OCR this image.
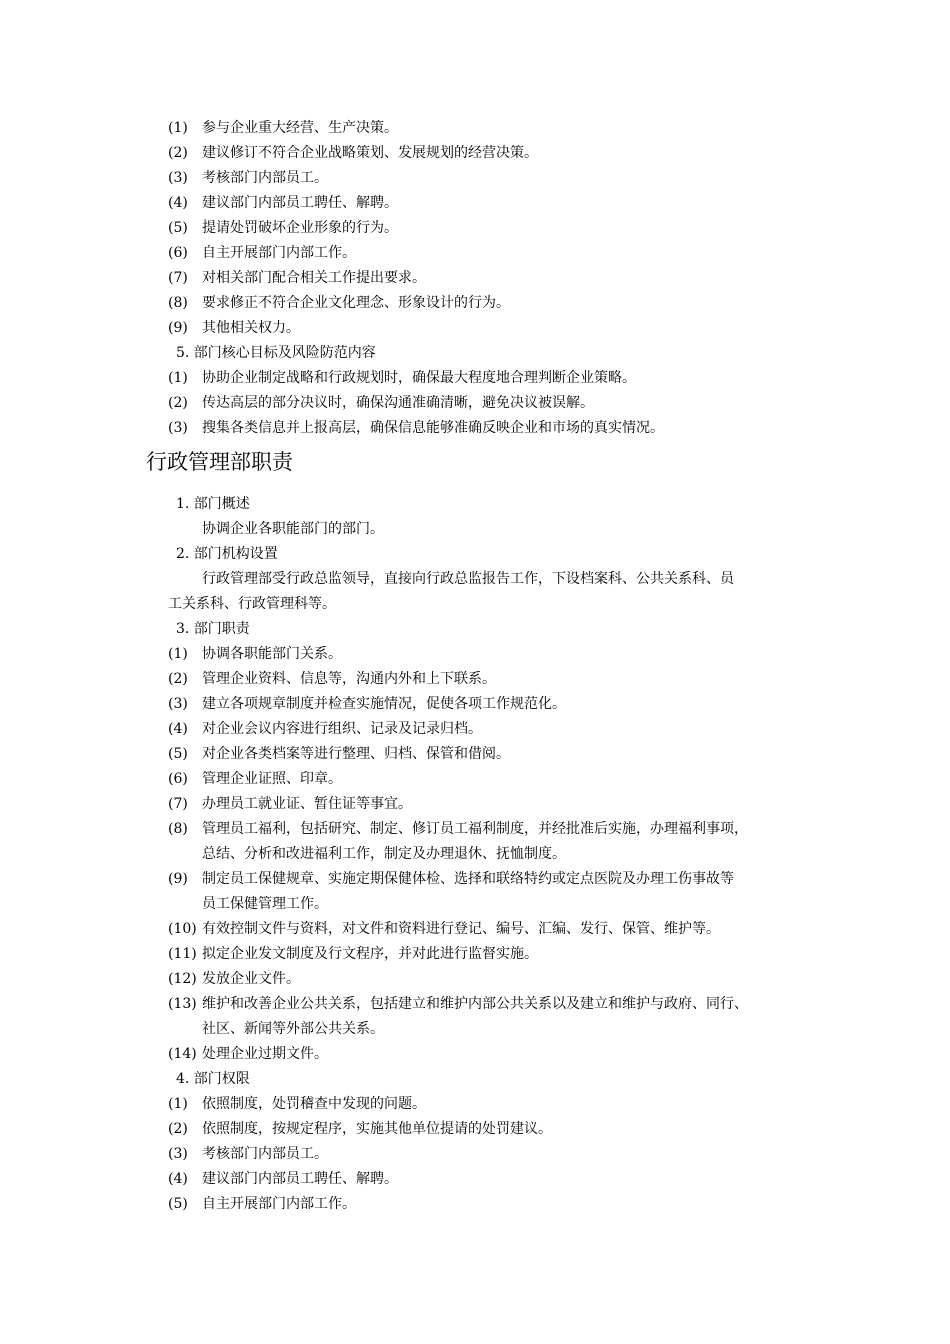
(1) 参与企业重大经营、生产决策。
(2) 建议修订不符合企业战略策划、发展规划的经营决策。
(3) 考核部门内部员工。
(4) 建议部门内部员工聘任、解聘。
(5) 提请处罚破坏企业形象的行为。
(6) 自主开展部门内部工作。
(7) 对相关部门配合相关工作提出要求。
(8) 要求修正不符合企业文化理念、形象设计的行为。
(9) 其他相关权力。
5. 部门核心目标及风险防范内容
(1) 协助企业制定战略和行政规划时，确保最大程度地合理判断企业策略。
(2) 传达高层的部分决议时，确保沟通准确清晰，避免决议被误解。
(3) 搜集各类信息并上报高层，确保信息能够准确反映企业和市场的真实情况。
行政管理部职责
1. 部门概述
协调企业各职能部门的部门。
2. 部门机构设置
行政管理部受行政总监领导，直接向行政总监报告工作，下设档案科、公共关系科、员
工关系科、行政管理科等。
3. 部门职责
(1)	协调各职能部门关系。
(2)	管理企业资料、信息等，沟通内外和上下联系。
(3)	建立各项规章制度并检查实施情况，促使各项工作规范化。
(4)	对企业会议内容进行组织、记录及记录归档。
(5)	对企业各类档案等进行整理、归档、保管和借阅。
(6)	管理企业证照、印章。
(7)	办理员工就业证、暂住证等事宜。
(8)	管理员工福利，包括研究、制定、修订员工福利制度，并经批准后实施，办理福利事项，
总结、分析和改进福利工作，制定及办理退休、抚恤制度。
(9)	制定员工保健规章、实施定期保健体检、选择和联络特约或定点医院及办理工伤事故等
员工保健管理工作。
(10) 有效控制文件与资料，对文件和资料进行登记、编号、汇编、发行、保管、维护等。
(11) 拟定企业发文制度及行文程序，并对此进行监督实施。
(12) 发放企业文件。
(13) 维护和改善企业公共关系，包括建立和维护内部公共关系以及建立和维护与政府、同行、
社区、新闻等外部公共关系。
(14) 处理企业过期文件。
4. 部门权限
(1) 依照制度，处罚稽查中发现的问题。
(2) 依照制度，按规定程序，实施其他单位提请的处罚建议。
(3) 考核部门内部员工。
(4) 建议部门内部员工聘任、解聘。
(5) 自主开展部门内部工作。
